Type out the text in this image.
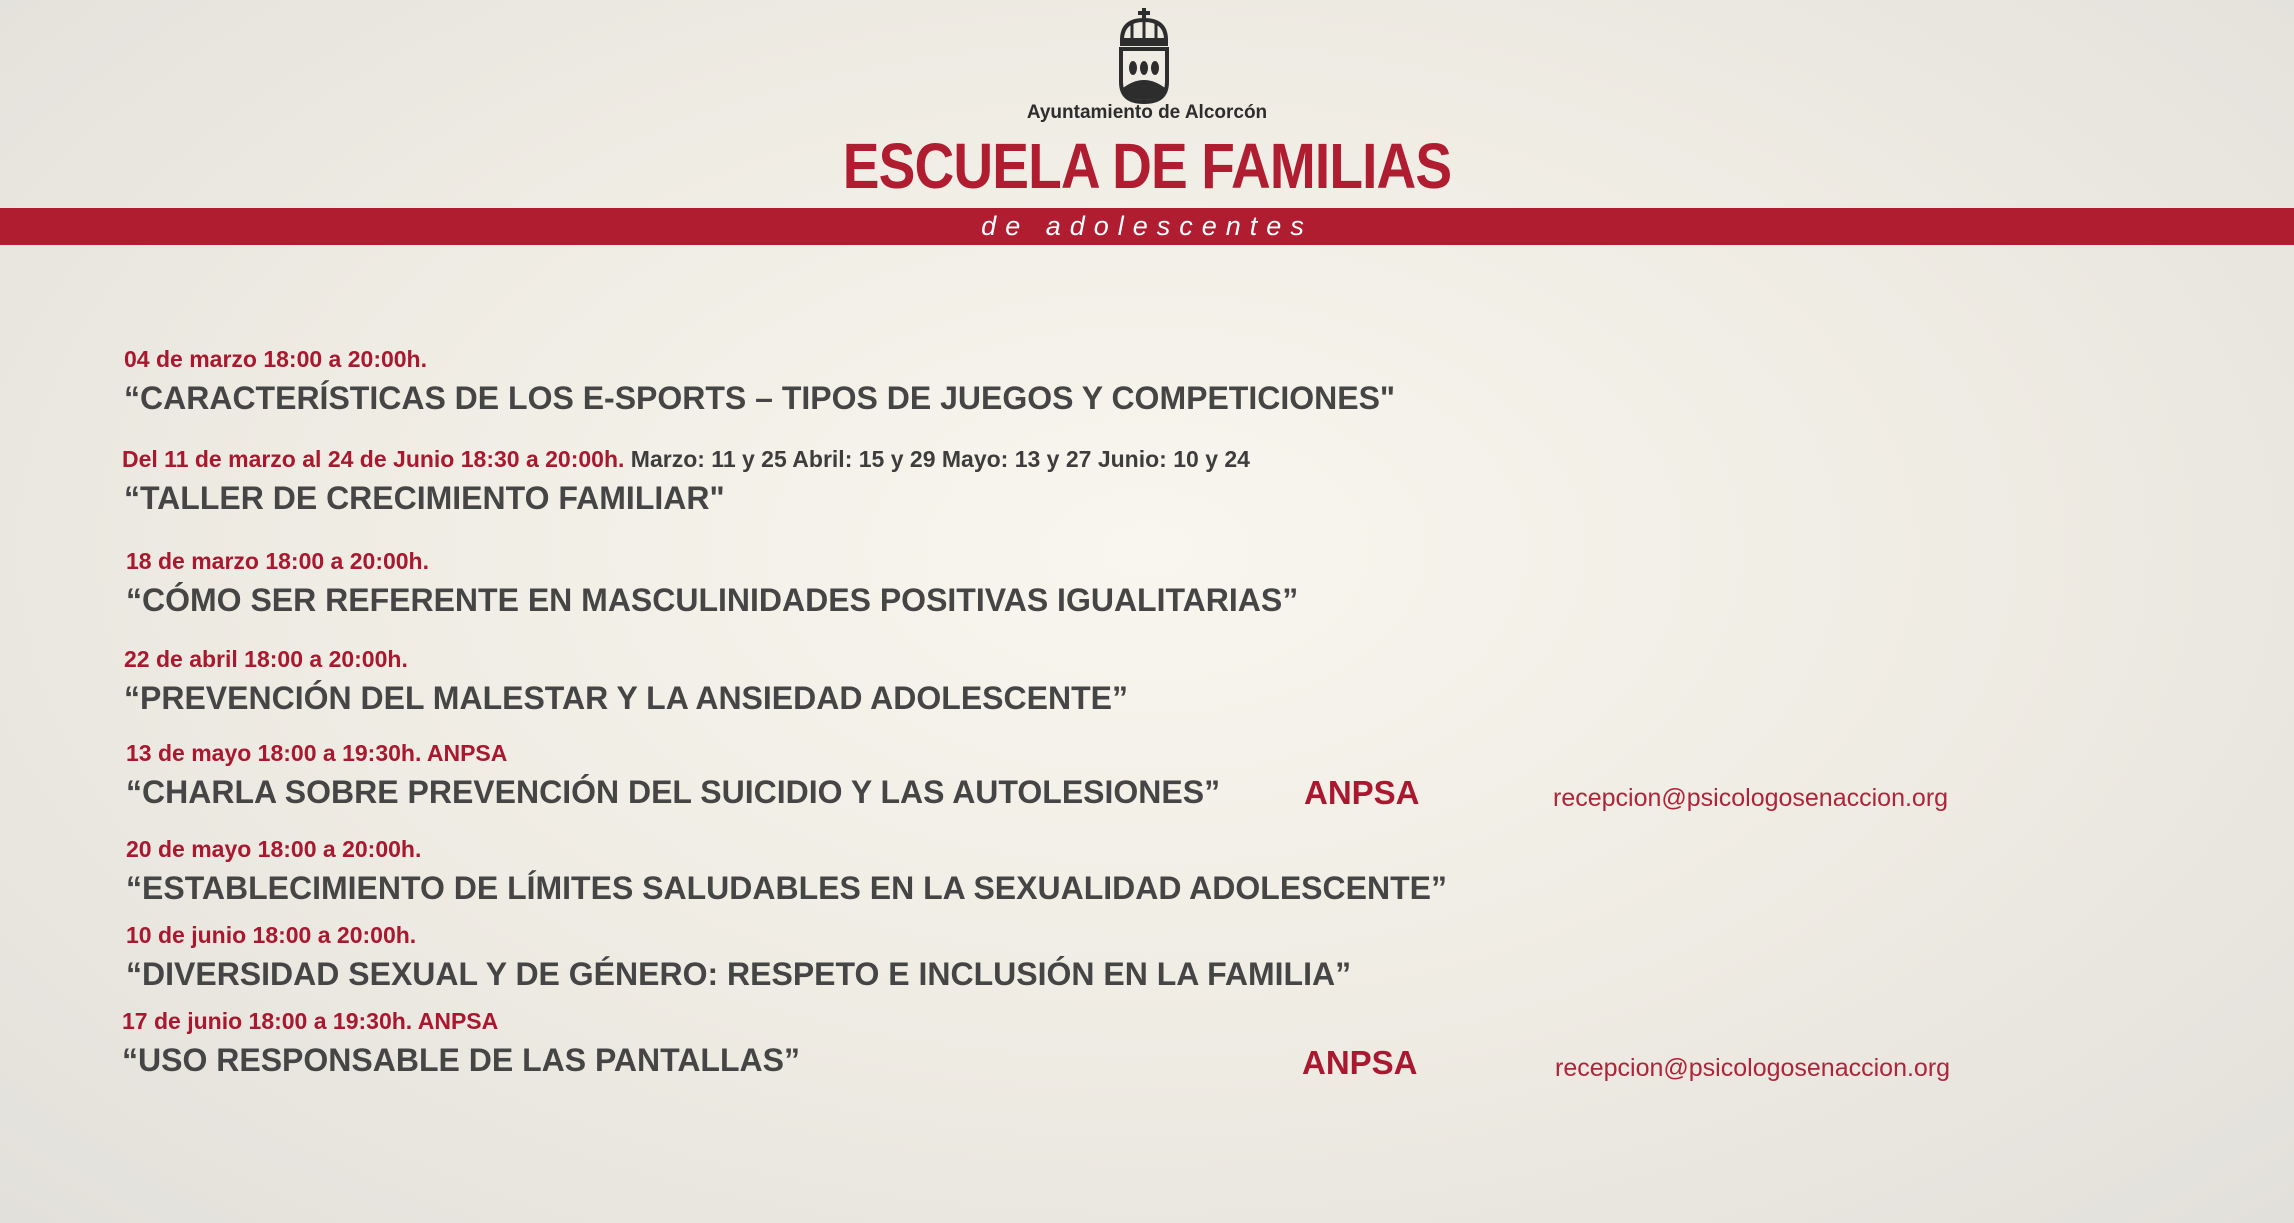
Ayuntamiento de Alcorcón
ESCUELA DE FAMILIAS
de adolescentes
04 de marzo 18:00 a 20:00h.
“CARACTERÍSTICAS DE LOS E-SPORTS – TIPOS DE JUEGOS Y COMPETICIONES"
Del 11 de marzo al 24 de Junio 18:30 a 20:00h. Marzo: 11 y 25 Abril: 15 y 29 Mayo: 13 y 27 Junio: 10 y 24
“TALLER DE CRECIMIENTO FAMILIAR"
18 de marzo 18:00 a 20:00h.
“CÓMO SER REFERENTE EN MASCULINIDADES POSITIVAS IGUALITARIAS”
22 de abril 18:00 a 20:00h.
“PREVENCIÓN DEL MALESTAR Y LA ANSIEDAD ADOLESCENTE”
13 de mayo 18:00 a 19:30h. ANPSA
“CHARLA SOBRE PREVENCIÓN DEL SUICIDIO Y LAS AUTOLESIONES”	ANPSA	recepcion@psicologosenaccion.org
20 de mayo 18:00 a 20:00h.
“ESTABLECIMIENTO DE LÍMITES SALUDABLES EN LA SEXUALIDAD ADOLESCENTE”
10 de junio 18:00 a 20:00h.
“DIVERSIDAD SEXUAL Y DE GÉNERO: RESPETO E INCLUSIÓN EN LA FAMILIA”
17 de junio 18:00 a 19:30h. ANPSA
“USO RESPONSABLE DE LAS PANTALLAS”	ANPSA	recepcion@psicologosenaccion.org
